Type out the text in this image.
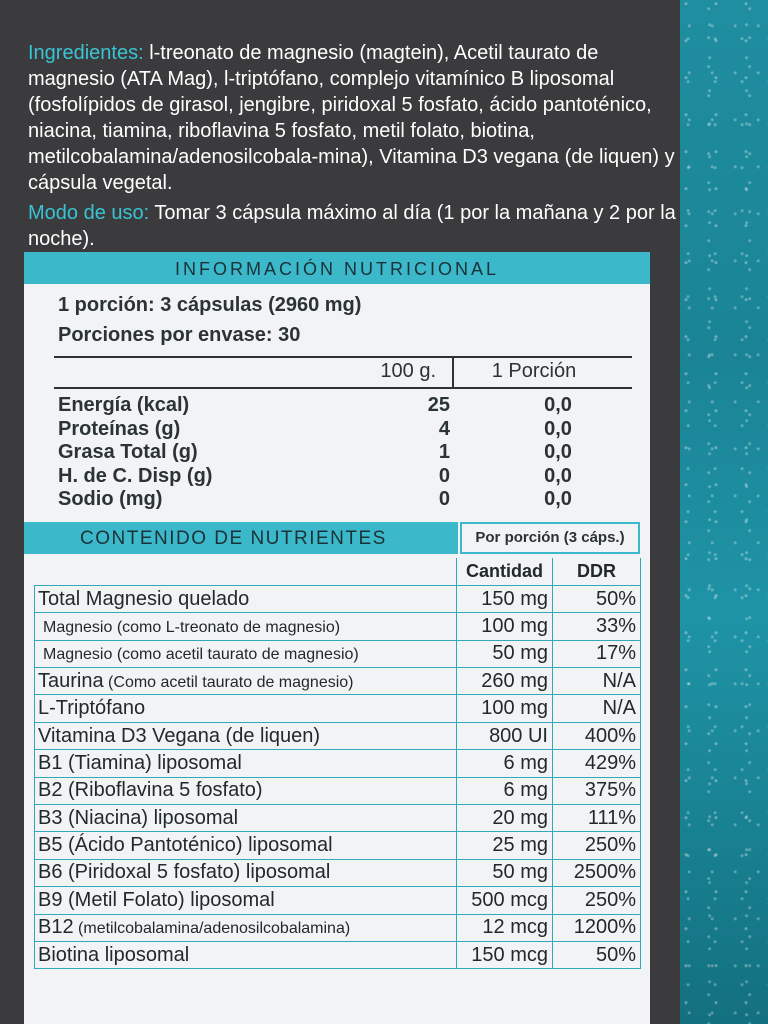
Ingredientes: l-treonato de magnesio (magtein), Acetil taurato de magnesio (ATA Mag), l-triptófano, complejo vitamínico B liposomal (fosfolípidos de girasol, jengibre, piridoxal 5 fosfato, ácido pantoténico, niacina, tiamina, riboflavina 5 fosfato, metil folato, biotina, metilcobalamina/adenosilcobala-mina), Vitamina D3 vegana (de liquen) y cápsula vegetal.

Modo de uso: Tomar 3 cápsula máximo al día (1 por la mañana y 2 por la noche).

INFORMACIÓN NUTRICIONAL
1 porción: 3 cápsulas (2960 mg)
Porciones por envase: 30
100 g.	1 Porción
Energía (kcal)	25	0,0
Proteínas (g)	4	0,0
Grasa Total (g)	1	0,0
H. de C. Disp (g)	0	0,0
Sodio (mg)	0	0,0
CONTENIDO DE NUTRIENTES	Por porción (3 cáps.)
	Cantidad	DDR
Total Magnesio quelado	150 mg	50%
Magnesio (como L-treonato de magnesio)	100 mg	33%
Magnesio (como acetil taurato de magnesio)	50 mg	17%
Taurina (Como acetil taurato de magnesio)	260 mg	N/A
L-Triptófano	100 mg	N/A
Vitamina D3 Vegana (de liquen)	800 UI	400%
B1 (Tiamina) liposomal	6 mg	429%
B2 (Riboflavina 5 fosfato)	6 mg	375%
B3 (Niacina) liposomal	20 mg	111%
B5 (Ácido Pantoténico) liposomal	25 mg	250%
B6 (Piridoxal 5 fosfato) liposomal	50 mg	2500%
B9 (Metil Folato) liposomal	500 mcg	250%
B12 (metilcobalamina/adenosilcobalamina)	12 mcg	1200%
Biotina liposomal	150 mcg	50%
